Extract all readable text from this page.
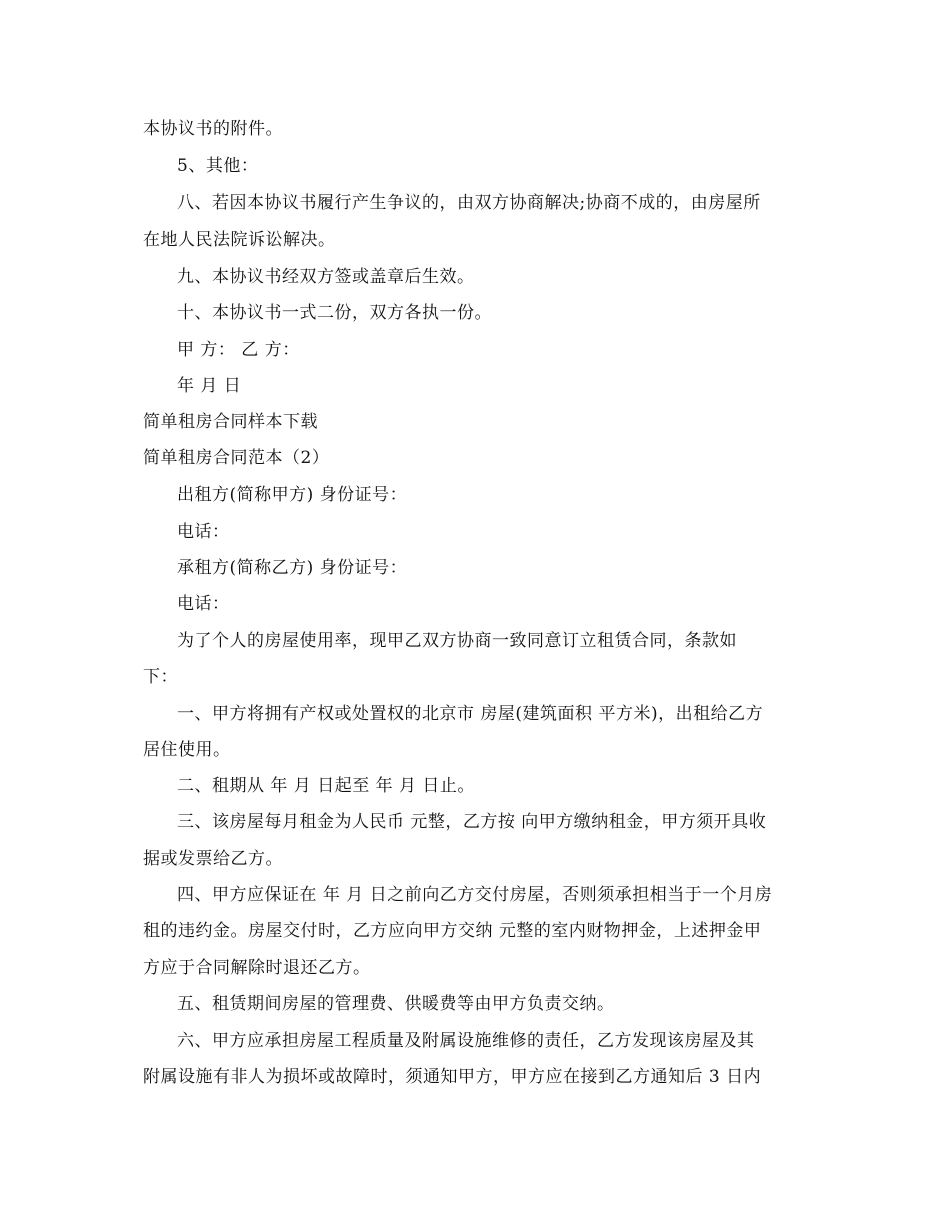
本协议书的附件。
5、其他：
八、若因本协议书履行产生争议的，由双方协商解决;协商不成的，由房屋所
在地人民法院诉讼解决。
九、本协议书经双方签或盖章后生效。
十、本协议书一式二份，双方各执一份。
甲 方： 乙 方：
年 月 日
简单租房合同样本下载
简单租房合同范本（2）
出租方(简称甲方) 身份证号：
电话：
承租方(简称乙方) 身份证号：
电话：
为了个人的房屋使用率，现甲乙双方协商一致同意订立租赁合同，条款如
下：
一、甲方将拥有产权或处置权的北京市 房屋(建筑面积 平方米)，出租给乙方
居住使用。
二、租期从 年 月 日起至 年 月 日止。
三、该房屋每月租金为人民币 元整，乙方按 向甲方缴纳租金，甲方须开具收
据或发票给乙方。
四、甲方应保证在 年 月 日之前向乙方交付房屋，否则须承担相当于一个月房
租的违约金。房屋交付时，乙方应向甲方交纳 元整的室内财物押金，上述押金甲
方应于合同解除时退还乙方。
五、租赁期间房屋的管理费、供暖费等由甲方负责交纳。
六、甲方应承担房屋工程质量及附属设施维修的责任，乙方发现该房屋及其
附属设施有非人为损坏或故障时，须通知甲方，甲方应在接到乙方通知后 3 日内
